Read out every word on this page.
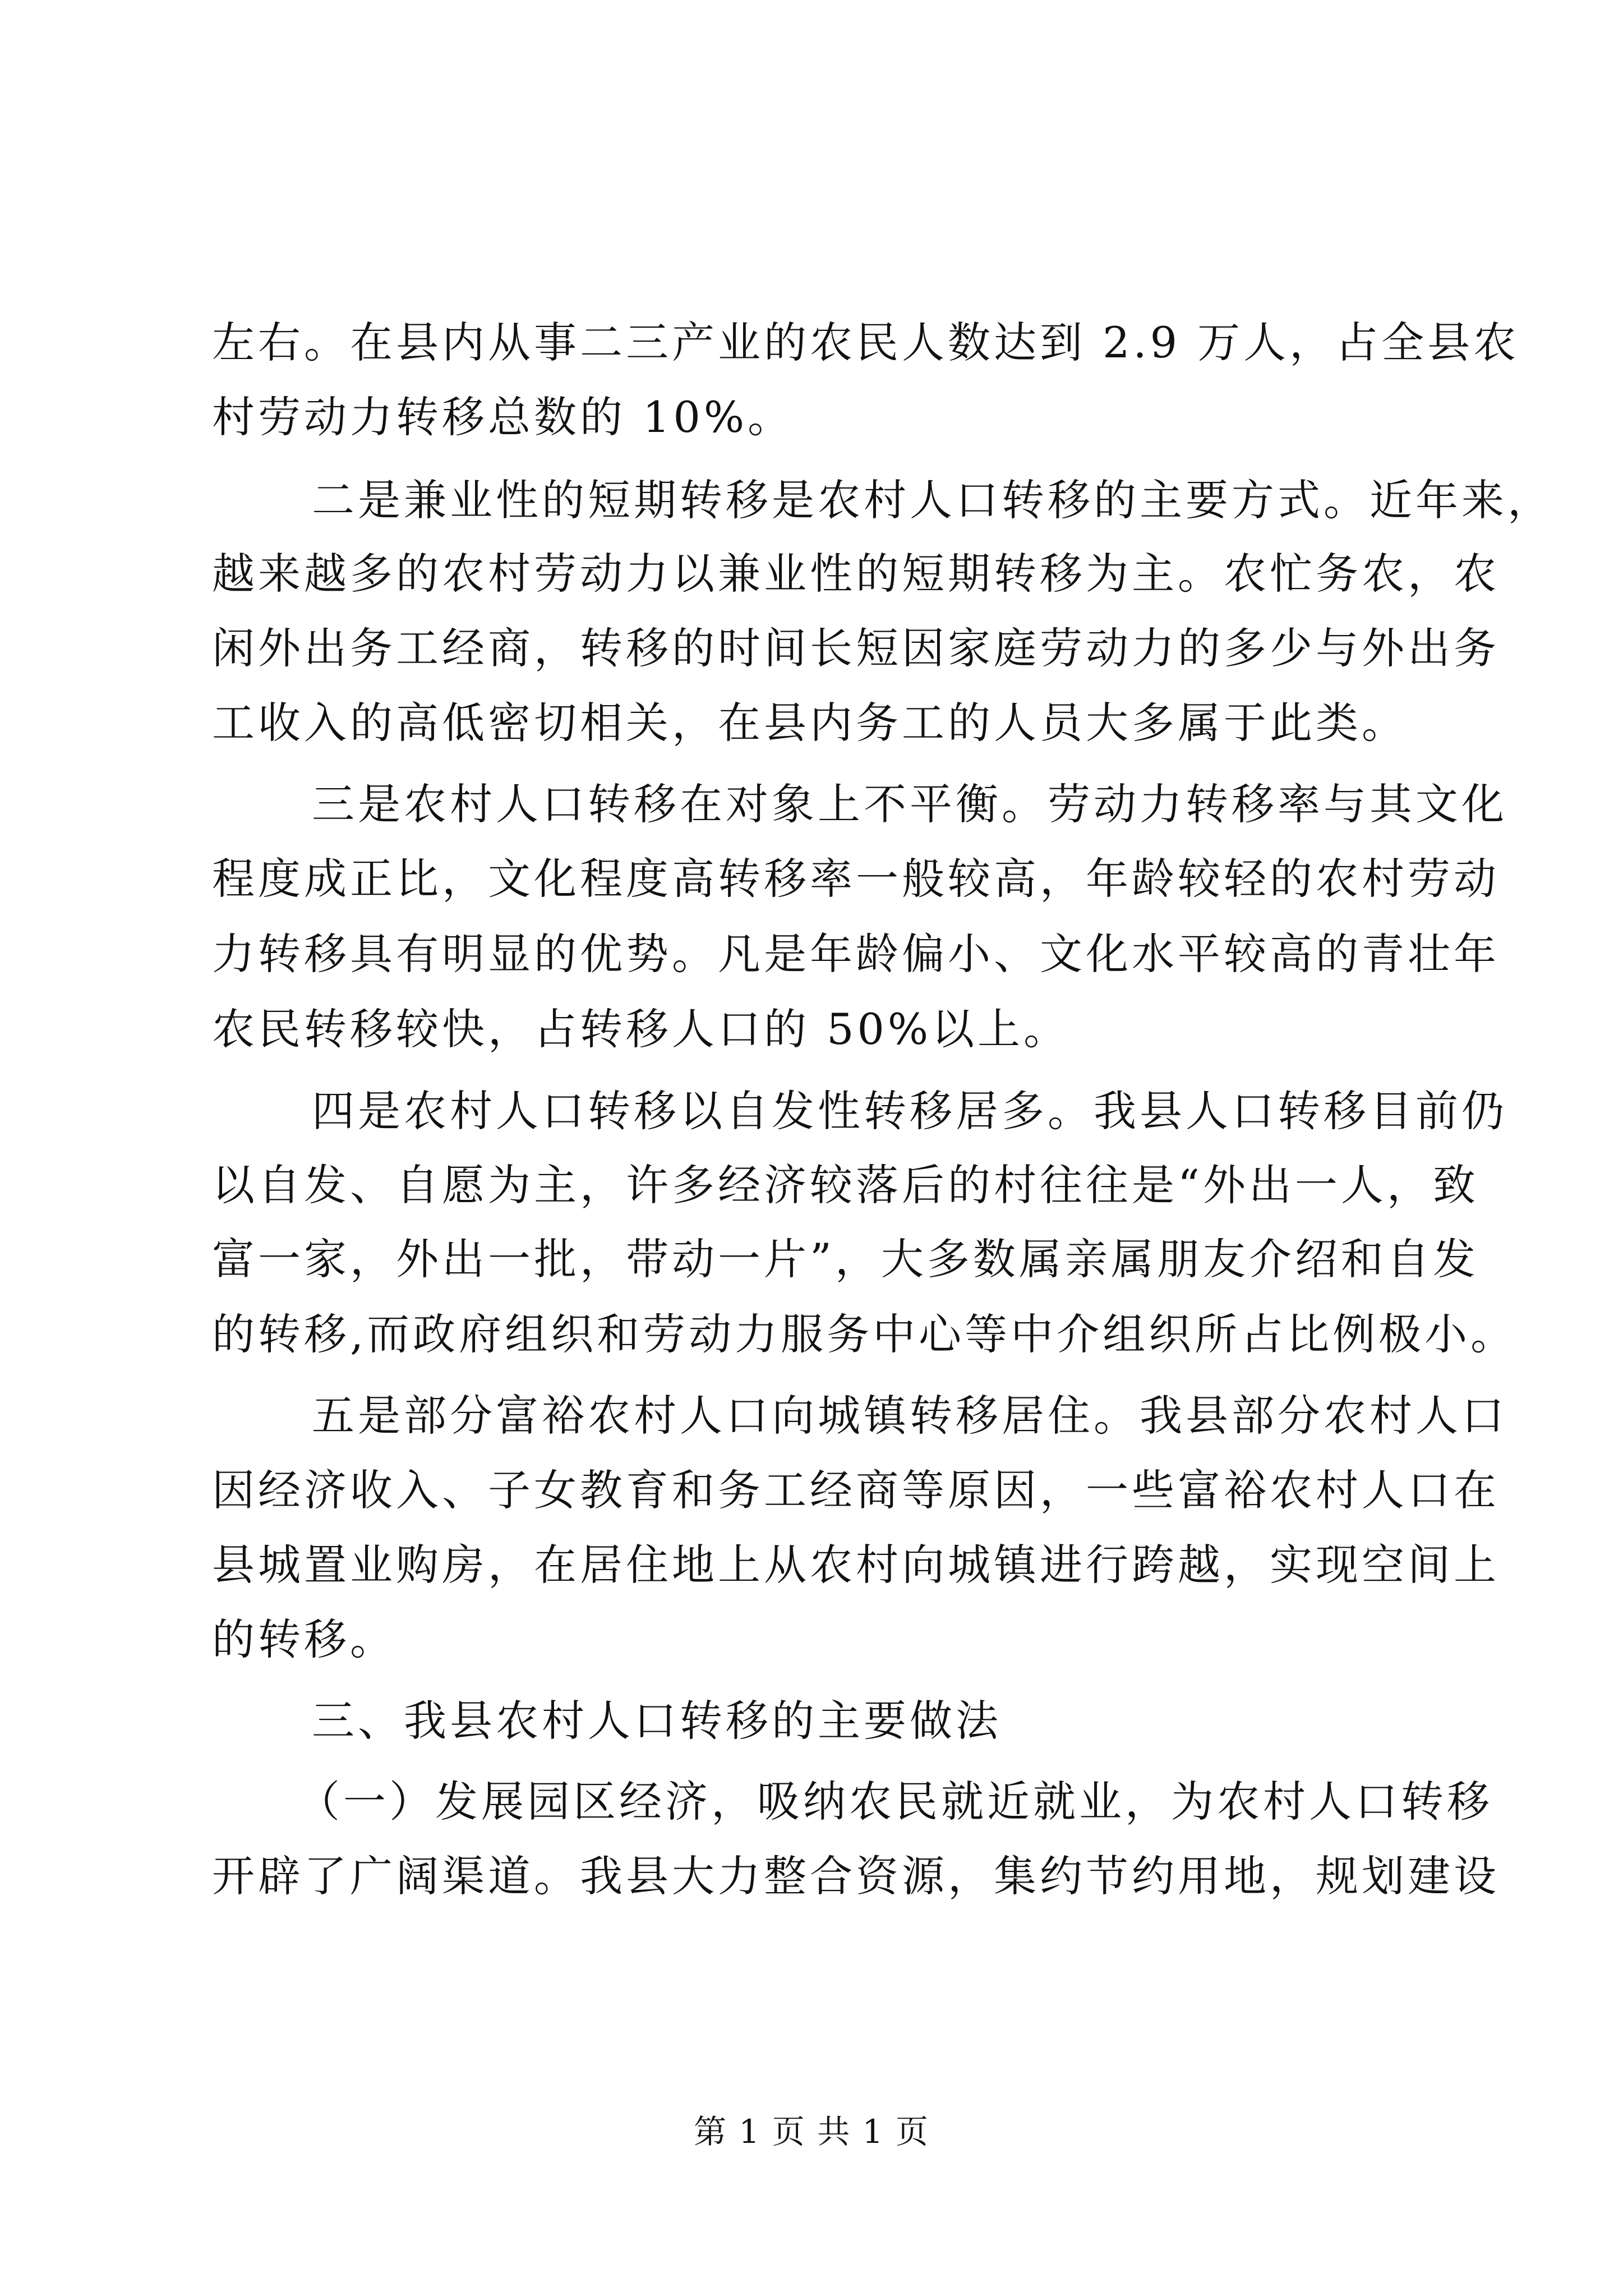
左右。在县内从事二三产业的农民人数达到 2.9 万人，占全县农
村劳动力转移总数的 10%。
二是兼业性的短期转移是农村人口转移的主要方式。近年来，
越来越多的农村劳动力以兼业性的短期转移为主。农忙务农，农
闲外出务工经商，转移的时间长短因家庭劳动力的多少与外出务
工收入的高低密切相关，在县内务工的人员大多属于此类。
三是农村人口转移在对象上不平衡。劳动力转移率与其文化
程度成正比，文化程度高转移率一般较高，年龄较轻的农村劳动
力转移具有明显的优势。凡是年龄偏小、文化水平较高的青壮年
农民转移较快，占转移人口的 50%以上。
四是农村人口转移以自发性转移居多。我县人口转移目前仍
以自发、自愿为主，许多经济较落后的村往往是“外出一人，致
富一家，外出一批，带动一片”，大多数属亲属朋友介绍和自发
的转移,而政府组织和劳动力服务中心等中介组织所占比例极小。
五是部分富裕农村人口向城镇转移居住。我县部分农村人口
因经济收入、子女教育和务工经商等原因，一些富裕农村人口在
县城置业购房，在居住地上从农村向城镇进行跨越，实现空间上
的转移。
三、我县农村人口转移的主要做法
（一）发展园区经济，吸纳农民就近就业，为农村人口转移
开辟了广阔渠道。我县大力整合资源，集约节约用地，规划建设
第 1 页 共 1 页
